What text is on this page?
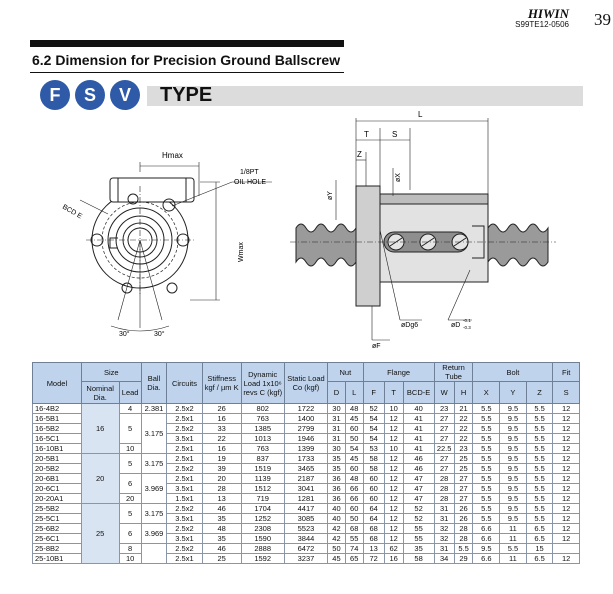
HIWIN
S99TE12-0506 39
6.2 Dimension for Precision Ground Ballscrew
F	S	V	TYPE
Hmax
1/8PT
OIL HOLE
BCD E
Wmax
30°	30°
L
T	S
Z
øX
øY
øDg6	øD
-0.1
-0.3
øF
Model	Size		Ball Dia.	Circuits	Stiffness kgf / µm K	Dynamic Load 1x10⁶ revs C (kgf)	Static Load Co (kgf)	Nut		Flange			Return Tube		Bolt			Fit
	Nominal Dia.	Lead						D	L	F	T	BCD-E	W	H	X	Y	Z	S
16-4B2	16	4	2.381	2.5x2	26	802	1722	30	48	52	10	40	23	21	5.5	9.5	5.5	12
16-5B1		5	3.175	2.5x1	16	763	1400	31	45	54	12	41	27	22	5.5	9.5	5.5	12
16-5B2				2.5x2	33	1385	2799	31	60	54	12	41	27	22	5.5	9.5	5.5	12
16-5C1				3.5x1	22	1013	1946	31	50	54	12	41	27	22	5.5	9.5	5.5	12
16-10B1		10		2.5x1	16	763	1399	30	54	53	10	41	22.5	23	5.5	9.5	5.5	12
20-5B1	20	5	3.175	2.5x1	19	837	1733	35	45	58	12	46	27	25	5.5	9.5	5.5	12
20-5B2				2.5x2	39	1519	3465	35	60	58	12	46	27	25	5.5	9.5	5.5	12
20-6B1		6	3.969	2.5x1	20	1139	2187	36	48	60	12	47	28	27	5.5	9.5	5.5	12
20-6C1				3.5x1	28	1512	3041	36	66	60	12	47	28	27	5.5	9.5	5.5	12
20-20A1		20		1.5x1	13	719	1281	36	66	60	12	47	28	27	5.5	9.5	5.5	12
25-5B2	25	5	3.175	2.5x2	46	1704	4417	40	60	64	12	52	31	26	5.5	9.5	5.5	12
25-5C1				3.5x1	35	1252	3085	40	50	64	12	52	31	26	5.5	9.5	5.5	12
25-6B2		6	3.969	2.5x2	48	2308	5523	42	68	68	12	55	32	28	6.6	11	6.5	12
25-6C1				3.5x1	35	1590	3844	42	55	68	12	55	32	28	6.6	11	6.5	12
25-8B2		8		2.5x2	46	2888	6472	50	74	13	62	35	31	5.5	9.5	5.5	15	
25-10B1		10		2.5x1	25	1592	3237	45	65	72	16	58	34	29	6.6	11	6.5	12
